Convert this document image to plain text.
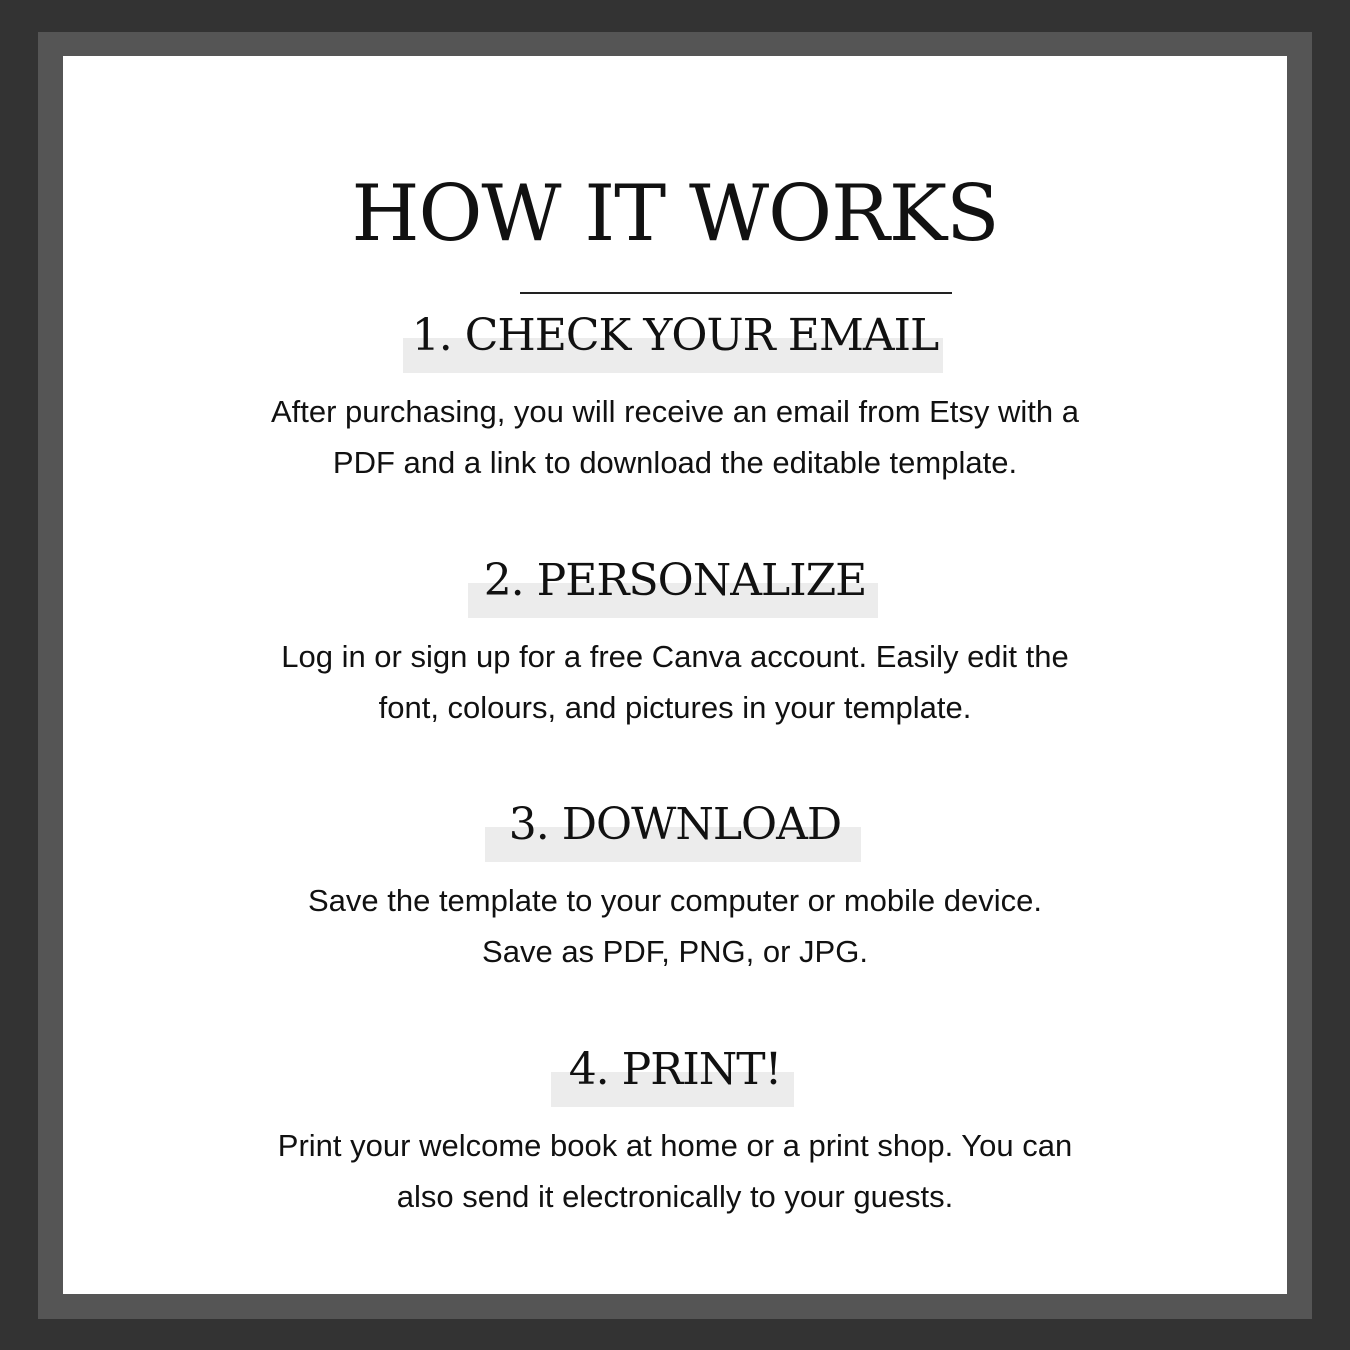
HOW IT WORKS
1. CHECK YOUR EMAIL
After purchasing, you will receive an email from Etsy with a
PDF and a link to download the editable template.
2. PERSONALIZE
Log in or sign up for a free Canva account. Easily edit the
font, colours, and pictures in your template.
3. DOWNLOAD
Save the template to your computer or mobile device.
Save as PDF, PNG, or JPG.
4. PRINT!
Print your welcome book at home or a print shop. You can
also send it electronically to your guests.
